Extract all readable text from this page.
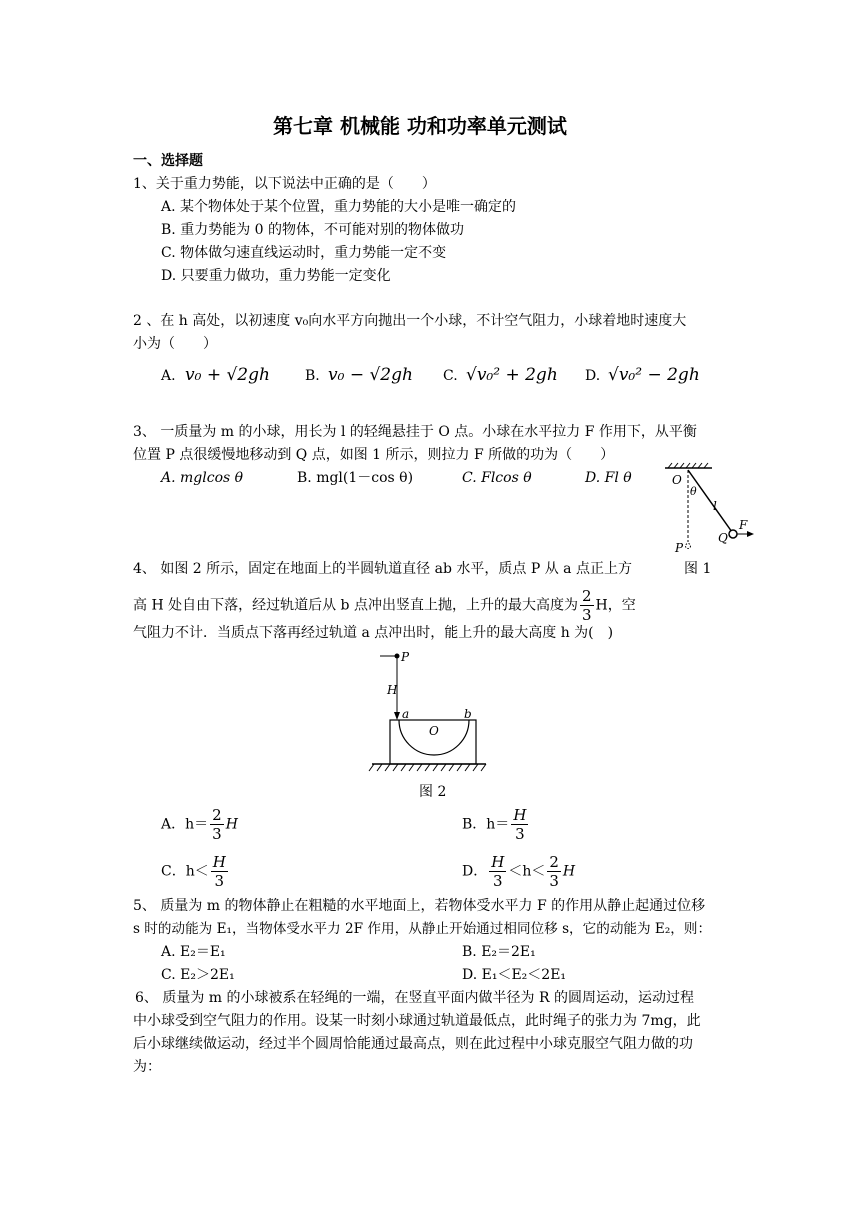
第七章 机械能 功和功率单元测试
一、选择题
1、关于重力势能，以下说法中正确的是（　　）
A. 某个物体处于某个位置，重力势能的大小是唯一确定的
B. 重力势能为 0 的物体，不可能对别的物体做功
C. 物体做匀速直线运动时，重力势能一定不变
D. 只要重力做功，重力势能一定变化
2 、在 h 高处，以初速度 v₀向水平方向抛出一个小球，不计空气阻力，小球着地时速度大
小为（　　）
A. v₀ + √2gh	B. v₀ − √2gh C. √v₀² + 2gh D. √v₀² − 2gh
3、 一质量为 m 的小球，用长为 l 的轻绳悬挂于 O 点。小球在水平拉力 F 作用下，从平衡
位置 P 点很缓慢地移动到 Q 点，如图 1 所示，则拉力 F 所做的功为（　　）
A. mglcos θ	B. mgl(1－cos θ)	C. Flcos θ	D. Fl θ	O
θ
l
F
P
Q
图 1
4、 如图 2 所示，固定在地面上的半圆轨道直径 ab 水平，质点 P 从 a 点正上方
高 H 处自由下落，经过轨道后从 b 点冲出竖直上抛，上升的最大高度为 $\frac{2}{3}$ H，空
气阻力不计．当质点下落再经过轨道 a 点冲出时，能上升的最大高度 h 为(　)
P
H
a	b
O
图 2
A．$h= \frac{2}{3}$ H	B．$h= \frac{H}{3}$
C．$h< \frac{H}{3}$	D． $\frac{H}{3} <h< \frac{2}{3}$ H
5、 质量为 m 的物体静止在粗糙的水平地面上，若物体受水平力 F 的作用从静止起通过位移
s 时的动能为 E₁，当物体受水平力 2F 作用，从静止开始通过相同位移 s，它的动能为 E₂，则：
A. E₂＝E₁	B. E₂＝2E₁
C. E₂＞2E₁	D. E₁＜E₂＜2E₁
6、 质量为 m 的小球被系在轻绳的一端，在竖直平面内做半径为 R 的圆周运动，运动过程
中小球受到空气阻力的作用。设某一时刻小球通过轨道最低点，此时绳子的张力为 7mg，此
后小球继续做运动，经过半个圆周恰能通过最高点，则在此过程中小球克服空气阻力做的功
为：
